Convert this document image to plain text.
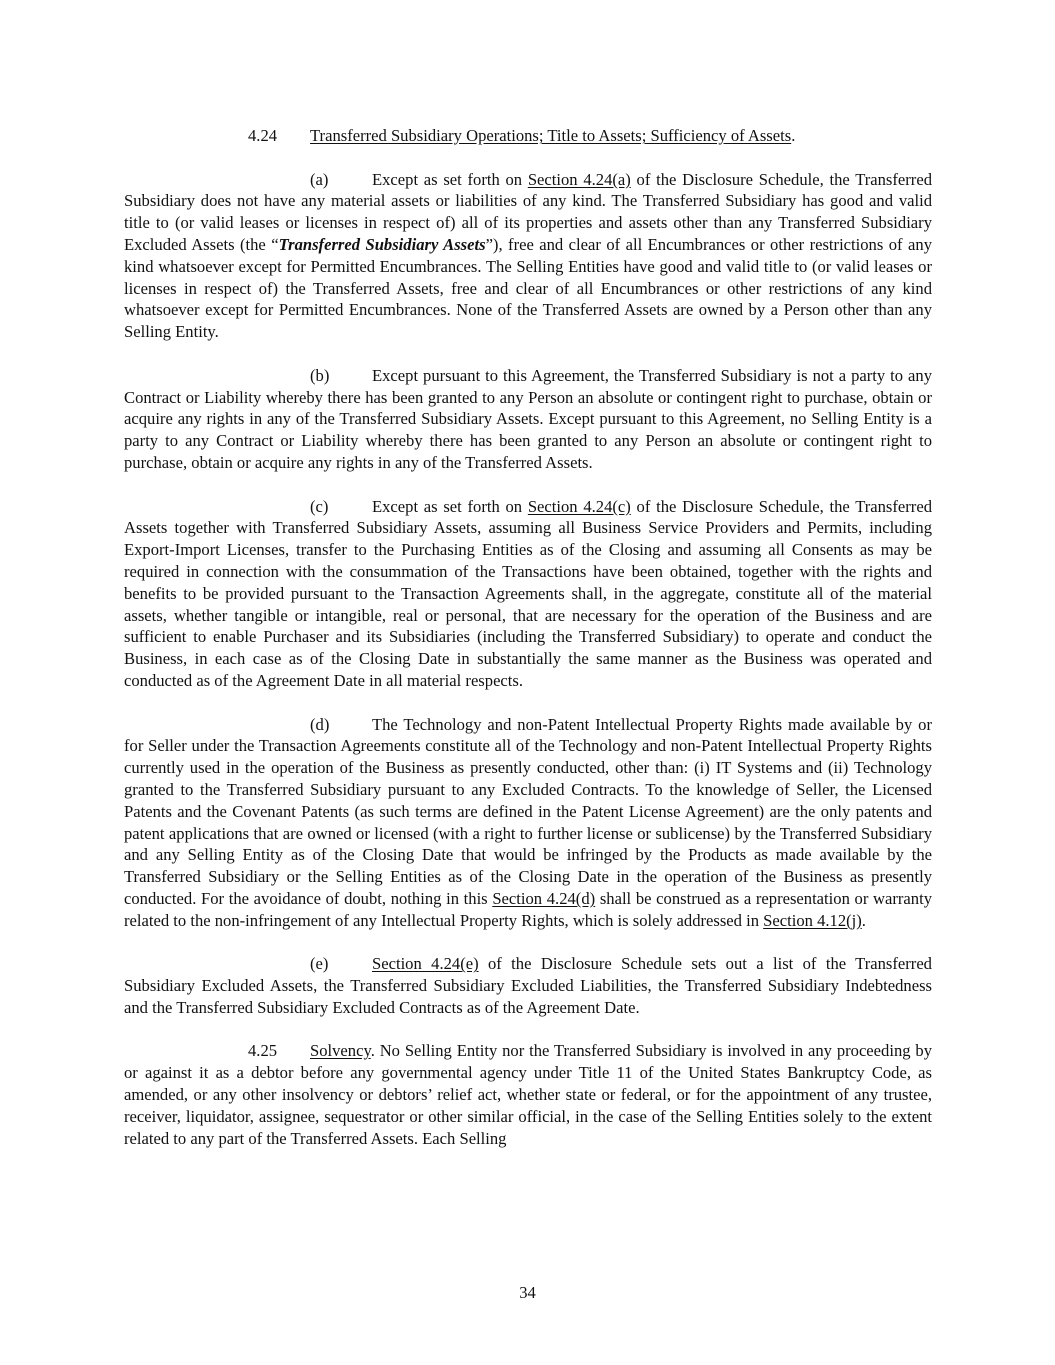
4.24 Transferred Subsidiary Operations; Title to Assets; Sufficiency of Assets.

(a)	Except as set forth on Section 4.24(a) of the Disclosure Schedule, the Transferred Subsidiary does not have any material assets or liabilities of any kind. The Transferred Subsidiary has good and valid title to (or valid leases or licenses in respect of) all of its properties and assets other than any Transferred Subsidiary Excluded Assets (the “Transferred Subsidiary Assets”), free and clear of all Encumbrances or other restrictions of any kind whatsoever except for Permitted Encumbrances. The Selling Entities have good and valid title to (or valid leases or licenses in respect of) the Transferred Assets, free and clear of all Encumbrances or other restrictions of any kind whatsoever except for Permitted Encumbrances. None of the Transferred Assets are owned by a Person other than any Selling Entity.

(b)	Except pursuant to this Agreement, the Transferred Subsidiary is not a party to any Contract or Liability whereby there has been granted to any Person an absolute or contingent right to purchase, obtain or acquire any rights in any of the Transferred Subsidiary Assets. Except pursuant to this Agreement, no Selling Entity is a party to any Contract or Liability whereby there has been granted to any Person an absolute or contingent right to purchase, obtain or acquire any rights in any of the Transferred Assets.

(c)	Except as set forth on Section 4.24(c) of the Disclosure Schedule, the Transferred Assets together with Transferred Subsidiary Assets, assuming all Business Service Providers and Permits, including Export-Import Licenses, transfer to the Purchasing Entities as of the Closing and assuming all Consents as may be required in connection with the consummation of the Transactions have been obtained, together with the rights and benefits to be provided pursuant to the Transaction Agreements shall, in the aggregate, constitute all of the material assets, whether tangible or intangible, real or personal, that are necessary for the operation of the Business and are sufficient to enable Purchaser and its Subsidiaries (including the Transferred Subsidiary) to operate and conduct the Business, in each case as of the Closing Date in substantially the same manner as the Business was operated and conducted as of the Agreement Date in all material respects.

(d)	The Technology and non-Patent Intellectual Property Rights made available by or for Seller under the Transaction Agreements constitute all of the Technology and non-Patent Intellectual Property Rights currently used in the operation of the Business as presently conducted, other than: (i) IT Systems and (ii) Technology granted to the Transferred Subsidiary pursuant to any Excluded Contracts. To the knowledge of Seller, the Licensed Patents and the Covenant Patents (as such terms are defined in the Patent License Agreement) are the only patents and patent applications that are owned or licensed (with a right to further license or sublicense) by the Transferred Subsidiary and any Selling Entity as of the Closing Date that would be infringed by the Products as made available by the Transferred Subsidiary or the Selling Entities as of the Closing Date in the operation of the Business as presently conducted. For the avoidance of doubt, nothing in this Section 4.24(d) shall be construed as a representation or warranty related to the non-infringement of any Intellectual Property Rights, which is solely addressed in Section 4.12(j).

(e)	Section 4.24(e) of the Disclosure Schedule sets out a list of the Transferred Subsidiary Excluded Assets, the Transferred Subsidiary Excluded Liabilities, the Transferred Subsidiary Indebtedness and the Transferred Subsidiary Excluded Contracts as of the Agreement Date.

4.25 Solvency. No Selling Entity nor the Transferred Subsidiary is involved in any proceeding by or against it as a debtor before any governmental agency under Title 11 of the United States Bankruptcy Code, as amended, or any other insolvency or debtors’ relief act, whether state or federal, or for the appointment of any trustee, receiver, liquidator, assignee, sequestrator or other similar official, in the case of the Selling Entities solely to the extent related to any part of the Transferred Assets. Each Selling

34
